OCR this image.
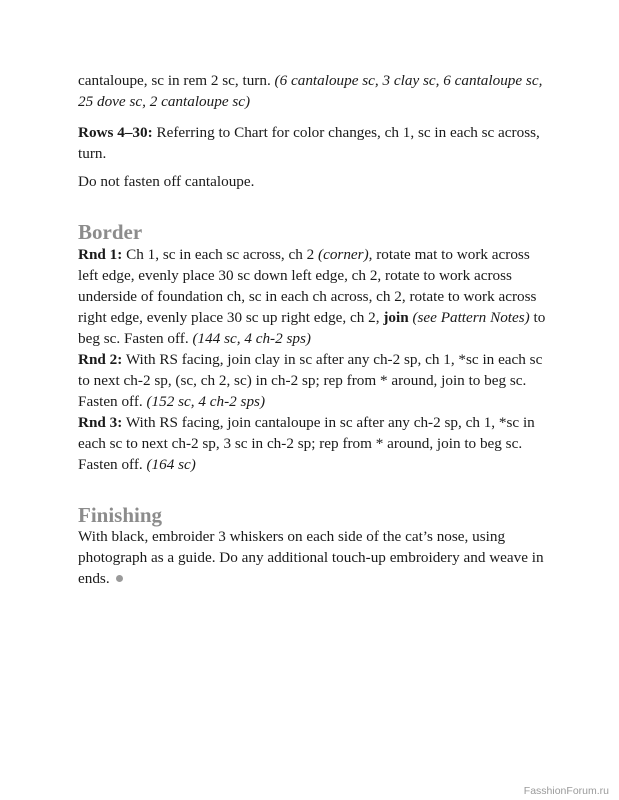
cantaloupe, sc in rem 2 sc, turn. (6 cantaloupe sc, 3 clay sc, 6 cantaloupe sc,
25 dove sc, 2 cantaloupe sc)

Rows 4–30: Referring to Chart for color changes, ch 1, sc in each sc across,
turn.

Do not fasten off cantaloupe.

Border

Rnd 1: Ch 1, sc in each sc across, ch 2 (corner), rotate mat to work across
left edge, evenly place 30 sc down left edge, ch 2, rotate to work across
underside of foundation ch, sc in each ch across, ch 2, rotate to work across
right edge, evenly place 30 sc up right edge, ch 2, join (see Pattern Notes) to
beg sc. Fasten off. (144 sc, 4 ch-2 sps)

Rnd 2: With RS facing, join clay in sc after any ch-2 sp, ch 1, *sc in each sc
to next ch-2 sp, (sc, ch 2, sc) in ch-2 sp; rep from * around, join to beg sc.
Fasten off. (152 sc, 4 ch-2 sps)

Rnd 3: With RS facing, join cantaloupe in sc after any ch-2 sp, ch 1, *sc in
each sc to next ch-2 sp, 3 sc in ch-2 sp; rep from * around, join to beg sc.
Fasten off. (164 sc)

Finishing

With black, embroider 3 whiskers on each side of the cat’s nose, using
photograph as a guide. Do any additional touch-up embroidery and weave in
ends.

FasshionForum.ru
